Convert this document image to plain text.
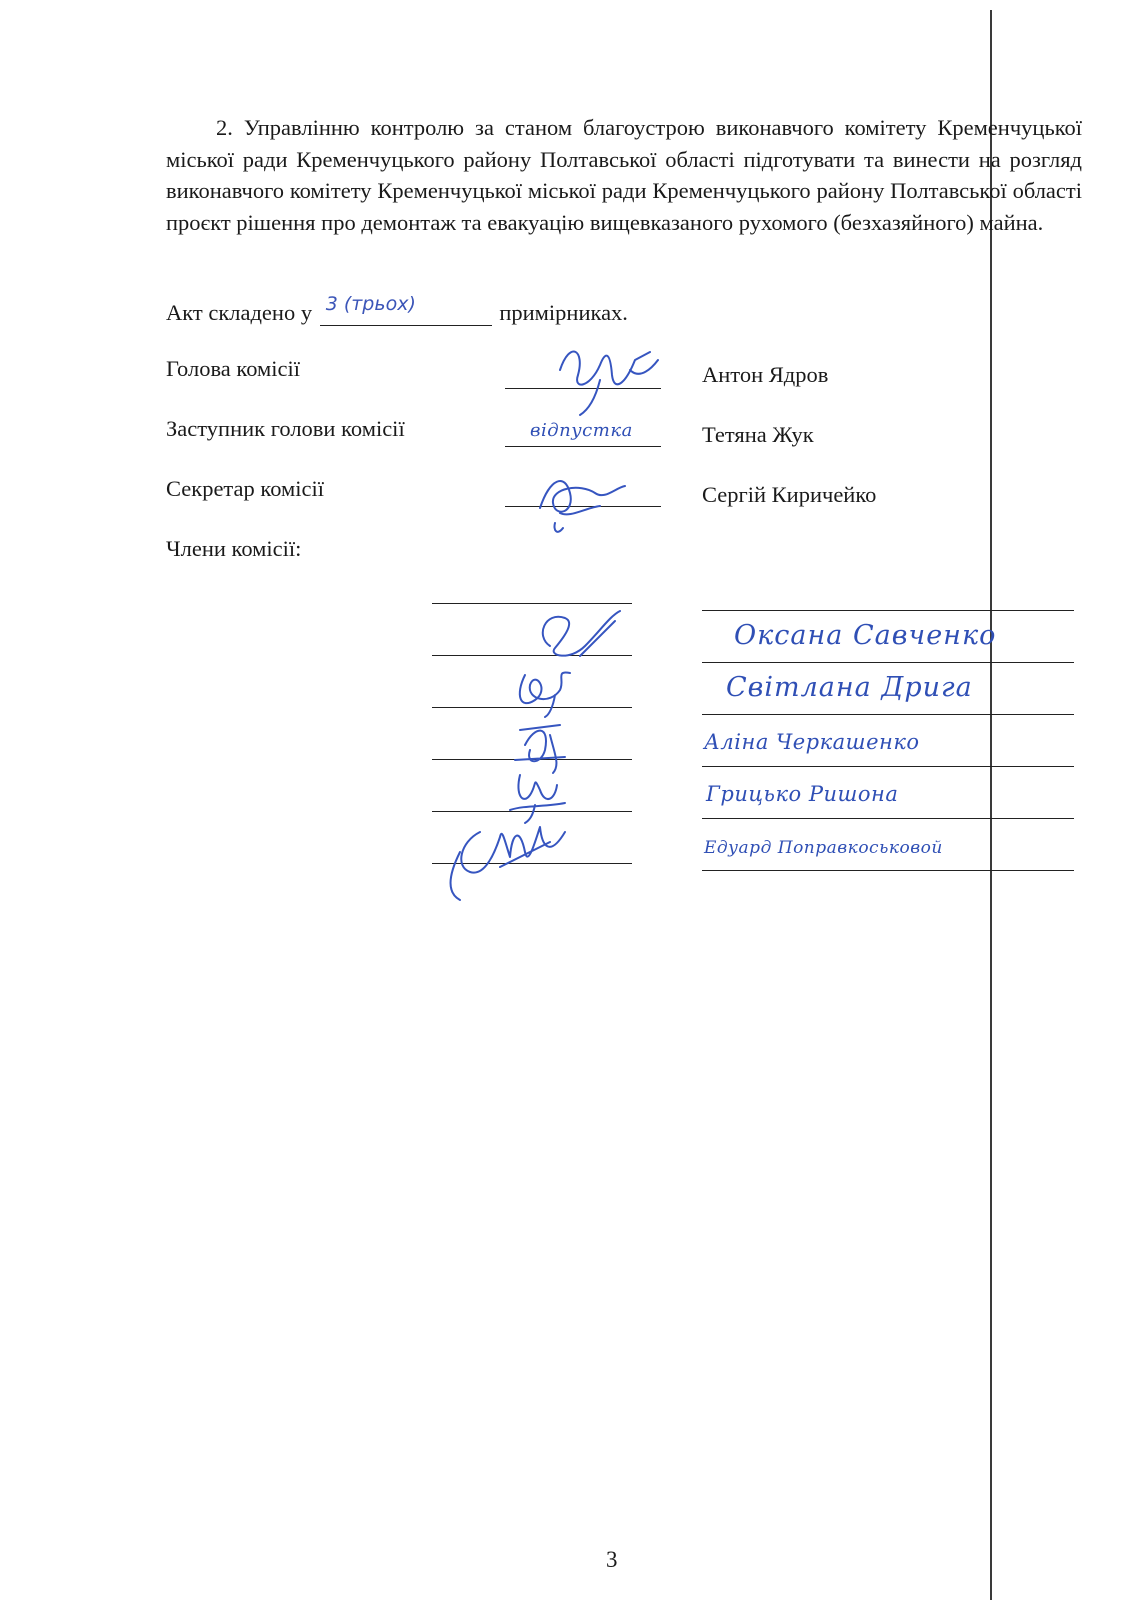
2. Управлінню контролю за станом благоустрою виконавчого комітету Кременчуцької міської ради Кременчуцького району Полтавської області підготувати та винести на розгляд виконавчого комітету Кременчуцької міської ради Кременчуцького району Полтавської області проєкт рішення про демонтаж та евакуацію вищевказаного рухомого (безхазяйного) майна.

Акт складено у 3 (трьох)	примірниках.
Голова комісії	Антон Ядров
Заступник голови комісії	відпустка	Тетяна Жук
Секретар комісії	Сергій Киричейко
Члени комісії:
Оксана Савченко
Світлана Дрига
Аліна Черкашенко
Грицько Ришона
Едуард Поправкоськовой
3
